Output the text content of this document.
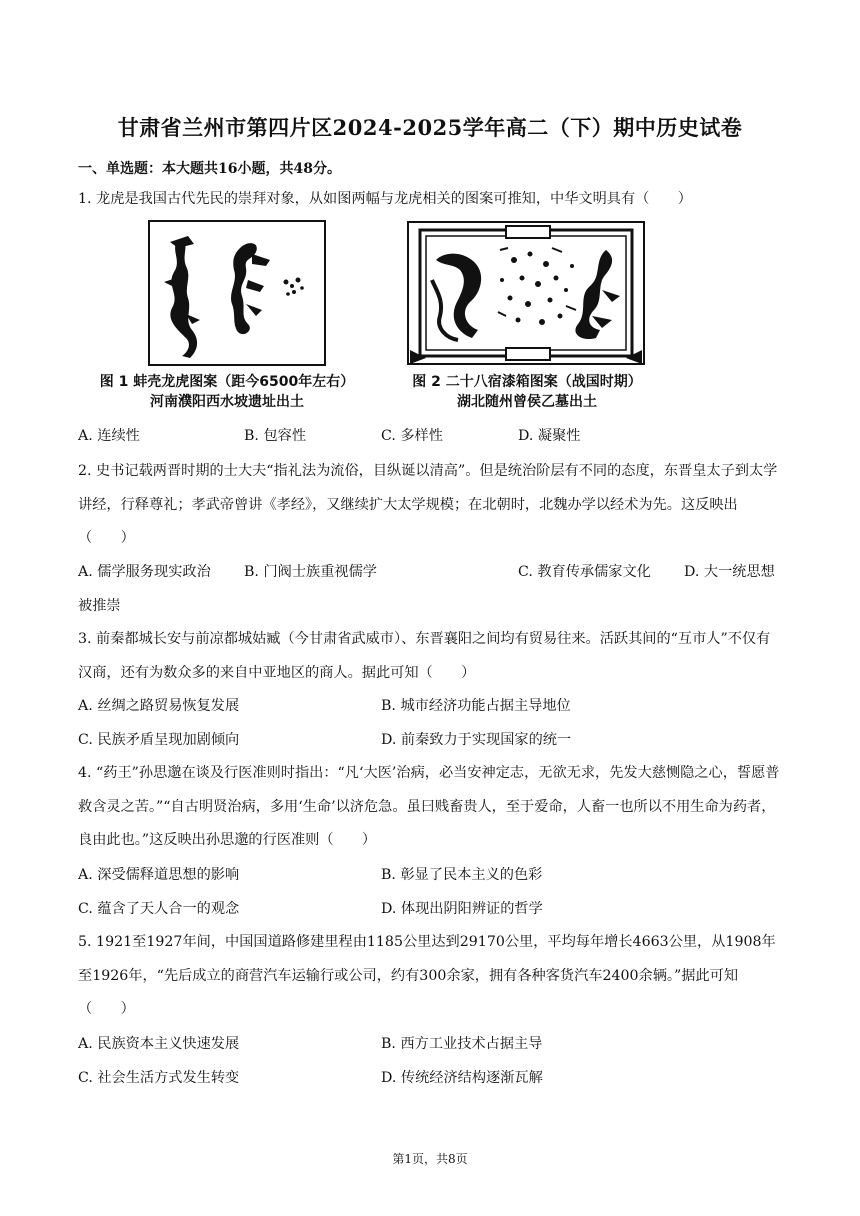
甘肃省兰州市第四片区2024-2025学年高二（下）期中历史试卷
一、单选题：本大题共16小题，共48分。
1. 龙虎是我国古代先民的崇拜对象，从如图两幅与龙虎相关的图案可推知，中华文明具有（　　）
图 1 蚌壳龙虎图案（距今6500年左右）
河南濮阳西水坡遗址出土
图 2 二十八宿漆箱图案（战国时期）
湖北随州曾侯乙墓出土
A. 连续性	B. 包容性	C. 多样性	D. 凝聚性
2. 史书记载两晋时期的士大夫“指礼法为流俗，目纵诞以清高”。但是统治阶层有不同的态度，东晋皇太子到太学讲经，行释尊礼；孝武帝曾讲《孝经》，又继续扩大太学规模；在北朝时，北魏办学以经术为先。这反映出（　　）
A. 儒学服务现实政治 B. 门阀士族重视儒学	C. 教育传承儒家文化 D. 大一统思想
被推崇
3. 前秦都城长安与前凉都城姑臧（今甘肃省武威市）、东晋襄阳之间均有贸易往来。活跃其间的“互市人”不仅有汉商，还有为数众多的来自中亚地区的商人。据此可知（　　）
A. 丝绸之路贸易恢复发展	B. 城市经济功能占据主导地位
C. 民族矛盾呈现加剧倾向	D. 前秦致力于实现国家的统一
4. “药王”孙思邈在谈及行医准则时指出：“凡‘大医’治病，必当安神定志，无欲无求，先发大慈恻隐之心，誓愿普救含灵之苦。”“自古明贤治病，多用‘生命’以济危急。虽曰贱畜贵人，至于爱命，人畜一也所以不用生命为药者，良由此也。”这反映出孙思邈的行医准则（　　）
A. 深受儒释道思想的影响	B. 彰显了民本主义的色彩
C. 蕴含了天人合一的观念	D. 体现出阴阳辨证的哲学
5. 1921至1927年间，中国国道路修建里程由1185公里达到29170公里，平均每年增长4663公里，从1908年至1926年，“先后成立的商营汽车运输行或公司，约有300余家，拥有各种客货汽车2400余辆。”据此可知（　　）
A. 民族资本主义快速发展	B. 西方工业技术占据主导
C. 社会生活方式发生转变	D. 传统经济结构逐渐瓦解
第1页，共8页
